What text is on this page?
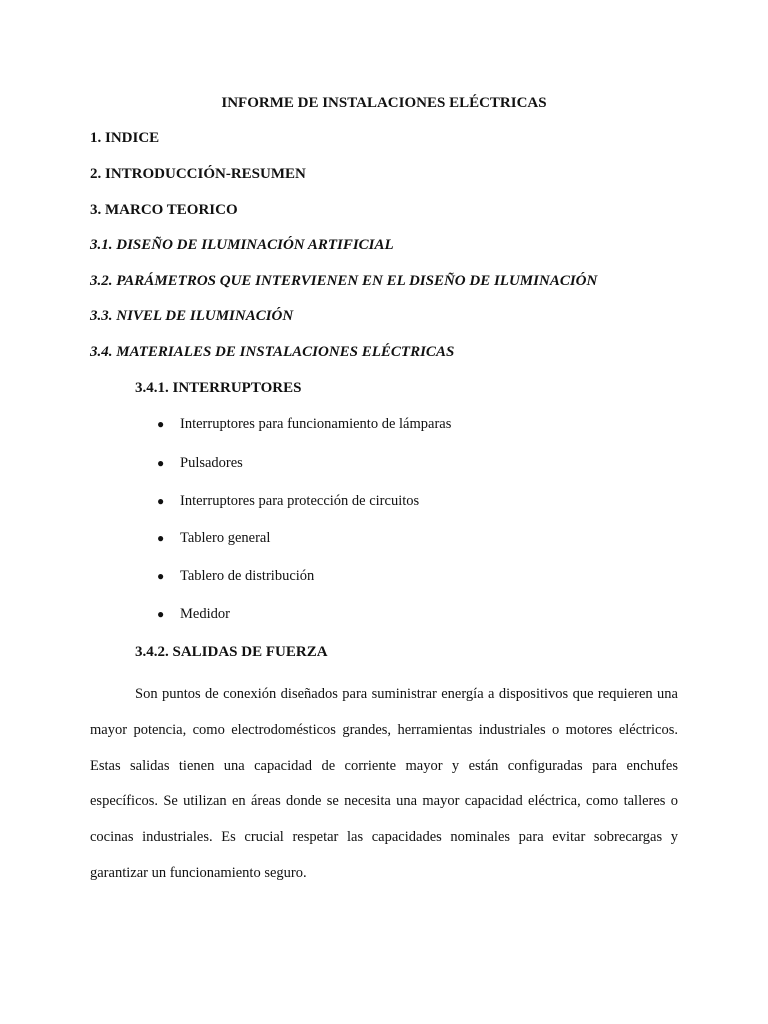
INFORME DE INSTALACIONES ELÉCTRICAS
1. INDICE
2. INTRODUCCIÓN-RESUMEN
3. MARCO TEORICO
3.1. DISEÑO DE ILUMINACIÓN ARTIFICIAL
3.2. PARÁMETROS QUE INTERVIENEN EN EL DISEÑO DE ILUMINACIÓN
3.3. NIVEL DE ILUMINACIÓN
3.4. MATERIALES DE INSTALACIONES ELÉCTRICAS
3.4.1. INTERRUPTORES
● Interruptores para funcionamiento de lámparas
● Pulsadores
● Interruptores para protección de circuitos
● Tablero general
● Tablero de distribución
● Medidor
3.4.2. SALIDAS DE FUERZA
Son puntos de conexión diseñados para suministrar energía a dispositivos que requieren una mayor potencia, como electrodomésticos grandes, herramientas industriales o motores eléctricos. Estas salidas tienen una capacidad de corriente mayor y están configuradas para enchufes específicos. Se utilizan en áreas donde se necesita una mayor capacidad eléctrica, como talleres o cocinas industriales. Es crucial respetar las capacidades nominales para evitar sobrecargas y garantizar un funcionamiento seguro.
